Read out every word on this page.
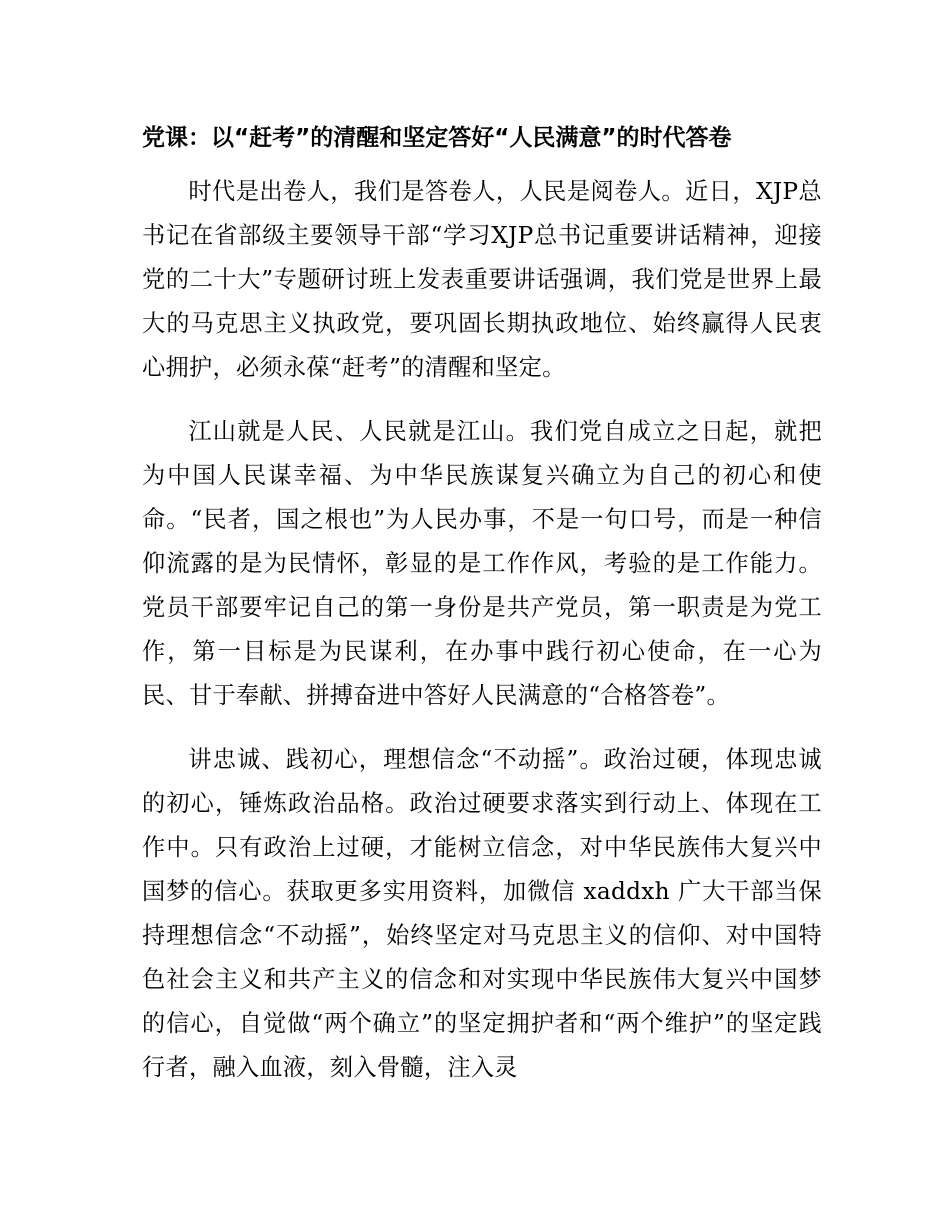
党课：以“赶考”的清醒和坚定答好“人民满意”的时代答卷

时代是出卷人，我们是答卷人，人民是阅卷人。近日，XJP总书记在省部级主要领导干部“学习XJP总书记重要讲话精神，迎接党的二十大”专题研讨班上发表重要讲话强调，我们党是世界上最大的马克思主义执政党，要巩固长期执政地位、始终赢得人民衷心拥护，必须永葆“赶考”的清醒和坚定。

江山就是人民、人民就是江山。我们党自成立之日起，就把为中国人民谋幸福、为中华民族谋复兴确立为自己的初心和使命。“民者，国之根也”为人民办事，不是一句口号，而是一种信仰流露的是为民情怀，彰显的是工作作风，考验的是工作能力。党员干部要牢记自己的第一身份是共产党员，第一职责是为党工作，第一目标是为民谋利，在办事中践行初心使命，在一心为民、甘于奉献、拼搏奋进中答好人民满意的“合格答卷”。

讲忠诚、践初心，理想信念“不动摇”。政治过硬，体现忠诚的初心，锤炼政治品格。政治过硬要求落实到行动上、体现在工作中。只有政治上过硬，才能树立信念，对中华民族伟大复兴中国梦的信心。获取更多实用资料，加微信 xaddxh 广大干部当保持理想信念“不动摇”，始终坚定对马克思主义的信仰、对中国特色社会主义和共产主义的信念和对实现中华民族伟大复兴中国梦的信心，自觉做“两个确立”的坚定拥护者和“两个维护”的坚定践行者，融入血液，刻入骨髓，注入灵
